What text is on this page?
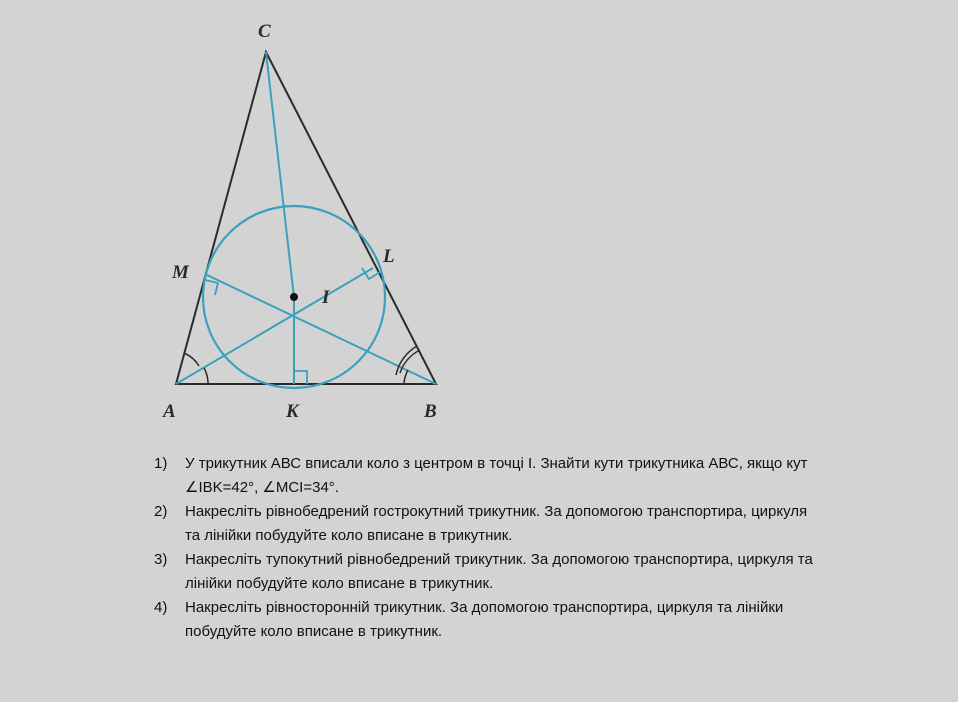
C
M
L
I
A	K	B
1) У трикутник АВС вписали коло з центром в точці І. Знайти кути трикутника АВС, якщо кут
∠IBK=42°, ∠MCI=34°.
2) Накресліть рівнобедрений гострокутний трикутник. За допомогою транспортира, циркуля
та лінійки побудуйте коло вписане в трикутник.
3) Накресліть тупокутний рівнобедрений трикутник. За допомогою транспортира, циркуля та
лінійки побудуйте коло вписане в трикутник.
4) Накресліть рівносторонній трикутник. За допомогою транспортира, циркуля та лінійки
побудуйте коло вписане в трикутник.
